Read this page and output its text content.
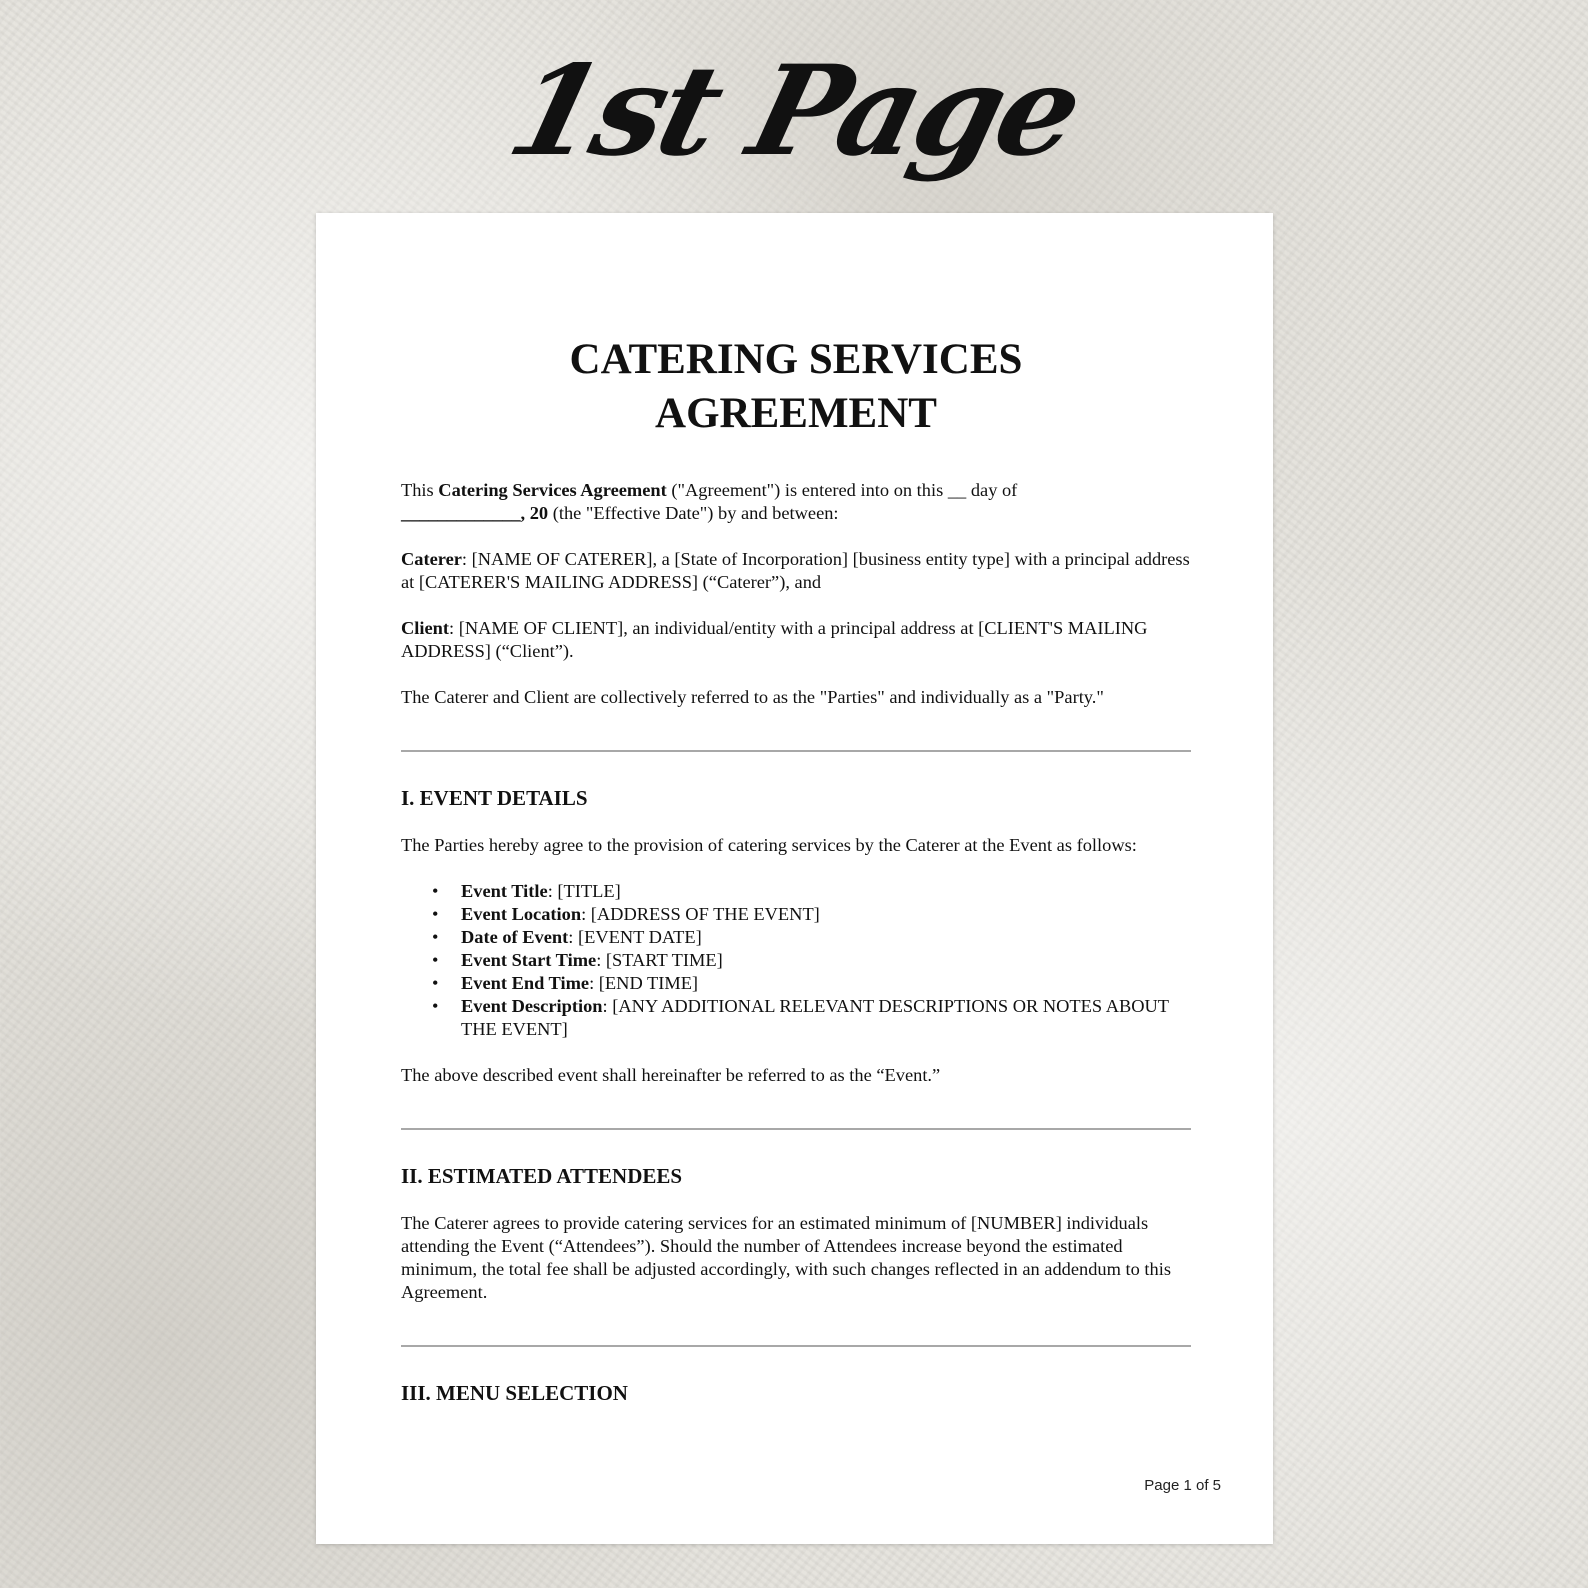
1st Page
CATERING SERVICES
AGREEMENT

This Catering Services Agreement ("Agreement") is entered into on this __ day of
_____________, 20 (the "Effective Date") by and between:

Caterer: [NAME OF CATERER], a [State of Incorporation] [business entity type] with a principal address at [CATERER'S MAILING ADDRESS] (“Caterer”), and

Client: [NAME OF CLIENT], an individual/entity with a principal address at [CLIENT'S MAILING ADDRESS] (“Client”).

The Caterer and Client are collectively referred to as the "Parties" and individually as a "Party."

I. EVENT DETAILS

The Parties hereby agree to the provision of catering services by the Caterer at the Event as follows:

• Event Title: [TITLE]
• Event Location: [ADDRESS OF THE EVENT]
• Date of Event: [EVENT DATE]
• Event Start Time: [START TIME]
• Event End Time: [END TIME]
• Event Description: [ANY ADDITIONAL RELEVANT DESCRIPTIONS OR NOTES ABOUT THE EVENT]

The above described event shall hereinafter be referred to as the “Event.”

II. ESTIMATED ATTENDEES

The Caterer agrees to provide catering services for an estimated minimum of [NUMBER] individuals attending the Event (“Attendees”). Should the number of Attendees increase beyond the estimated minimum, the total fee shall be adjusted accordingly, with such changes reflected in an addendum to this Agreement.

III. MENU SELECTION
Page 1 of 5
